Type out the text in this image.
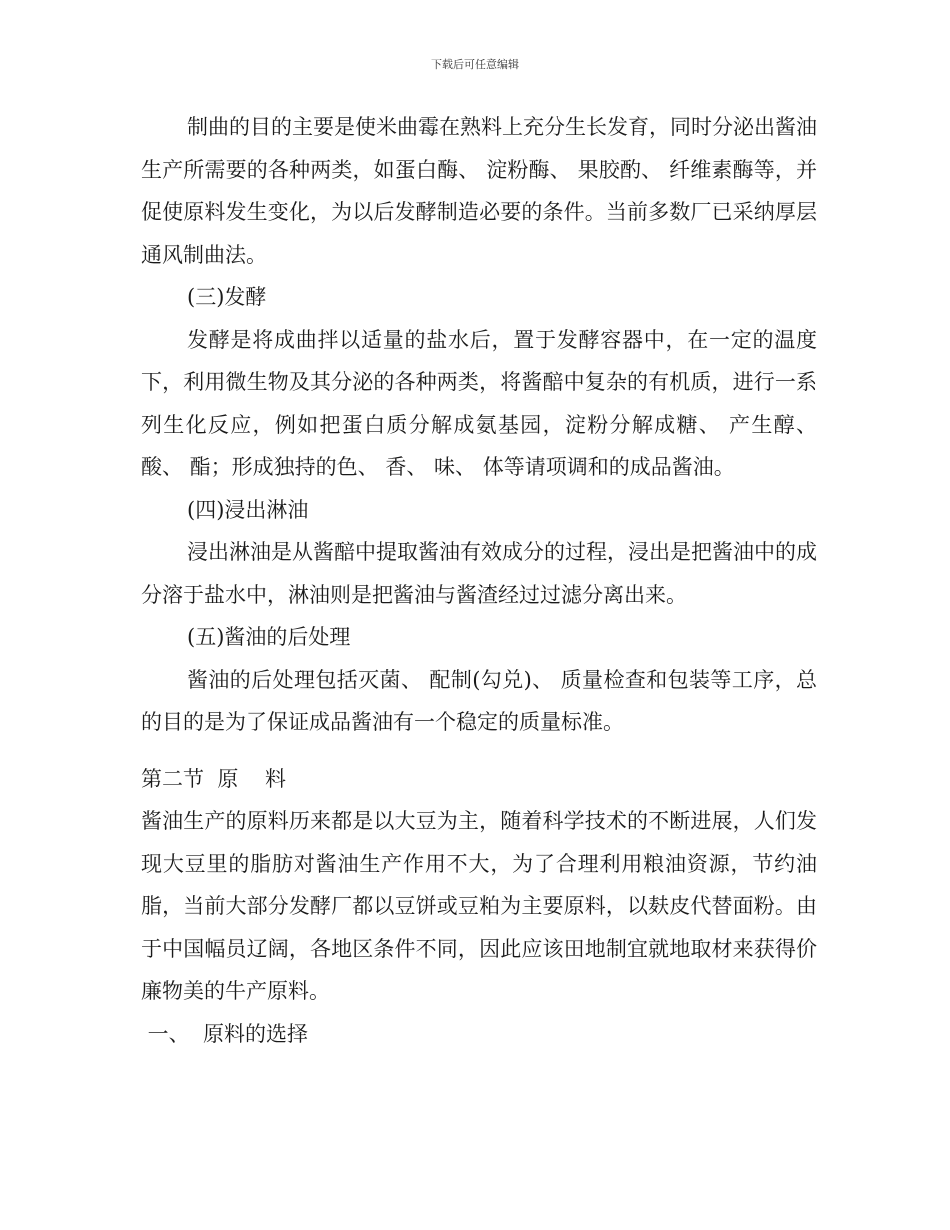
下载后可任意编辑

制曲的目的主要是使米曲霉在熟料上充分生长发育，同时分泌出酱油生产所需要的各种两类，如蛋白酶、 淀粉酶、 果胶酌、 纤维素酶等，并促使原料发生变化，为以后发酵制造必要的条件。当前多数厂已采纳厚层通风制曲法。

(三)发酵

发酵是将成曲拌以适量的盐水后，置于发酵容器中，在一定的温度下，利用微生物及其分泌的各种两类，将酱醅中复杂的有机质，进行一系列生化反应，例如把蛋白质分解成氨基园，淀粉分解成糖、 产生醇、 酸、 酯；形成独持的色、 香、 味、 体等请项调和的成品酱油。

(四)浸出淋油

浸出淋油是从酱醅中提取酱油有效成分的过程，浸出是把酱油中的成分溶于盐水中，淋油则是把酱油与酱渣经过过滤分离出来。

(五)酱油的后处理

酱油的后处理包括灭菌、 配制(勾兑)、 质量检查和包装等工序，总的目的是为了保证成品酱油有一个稳定的质量标准。

第二节  原    料

酱油生产的原料历来都是以大豆为主，随着科学技术的不断进展，人们发现大豆里的脂肪对酱油生产作用不大，为了合理利用粮油资源，节约油脂，当前大部分发酵厂都以豆饼或豆粕为主要原料，以麸皮代替面粉。由于中国幅员辽阔，各地区条件不同，因此应该田地制宜就地取材来获得价廉物美的牛产原料。

一、  原料的选择
